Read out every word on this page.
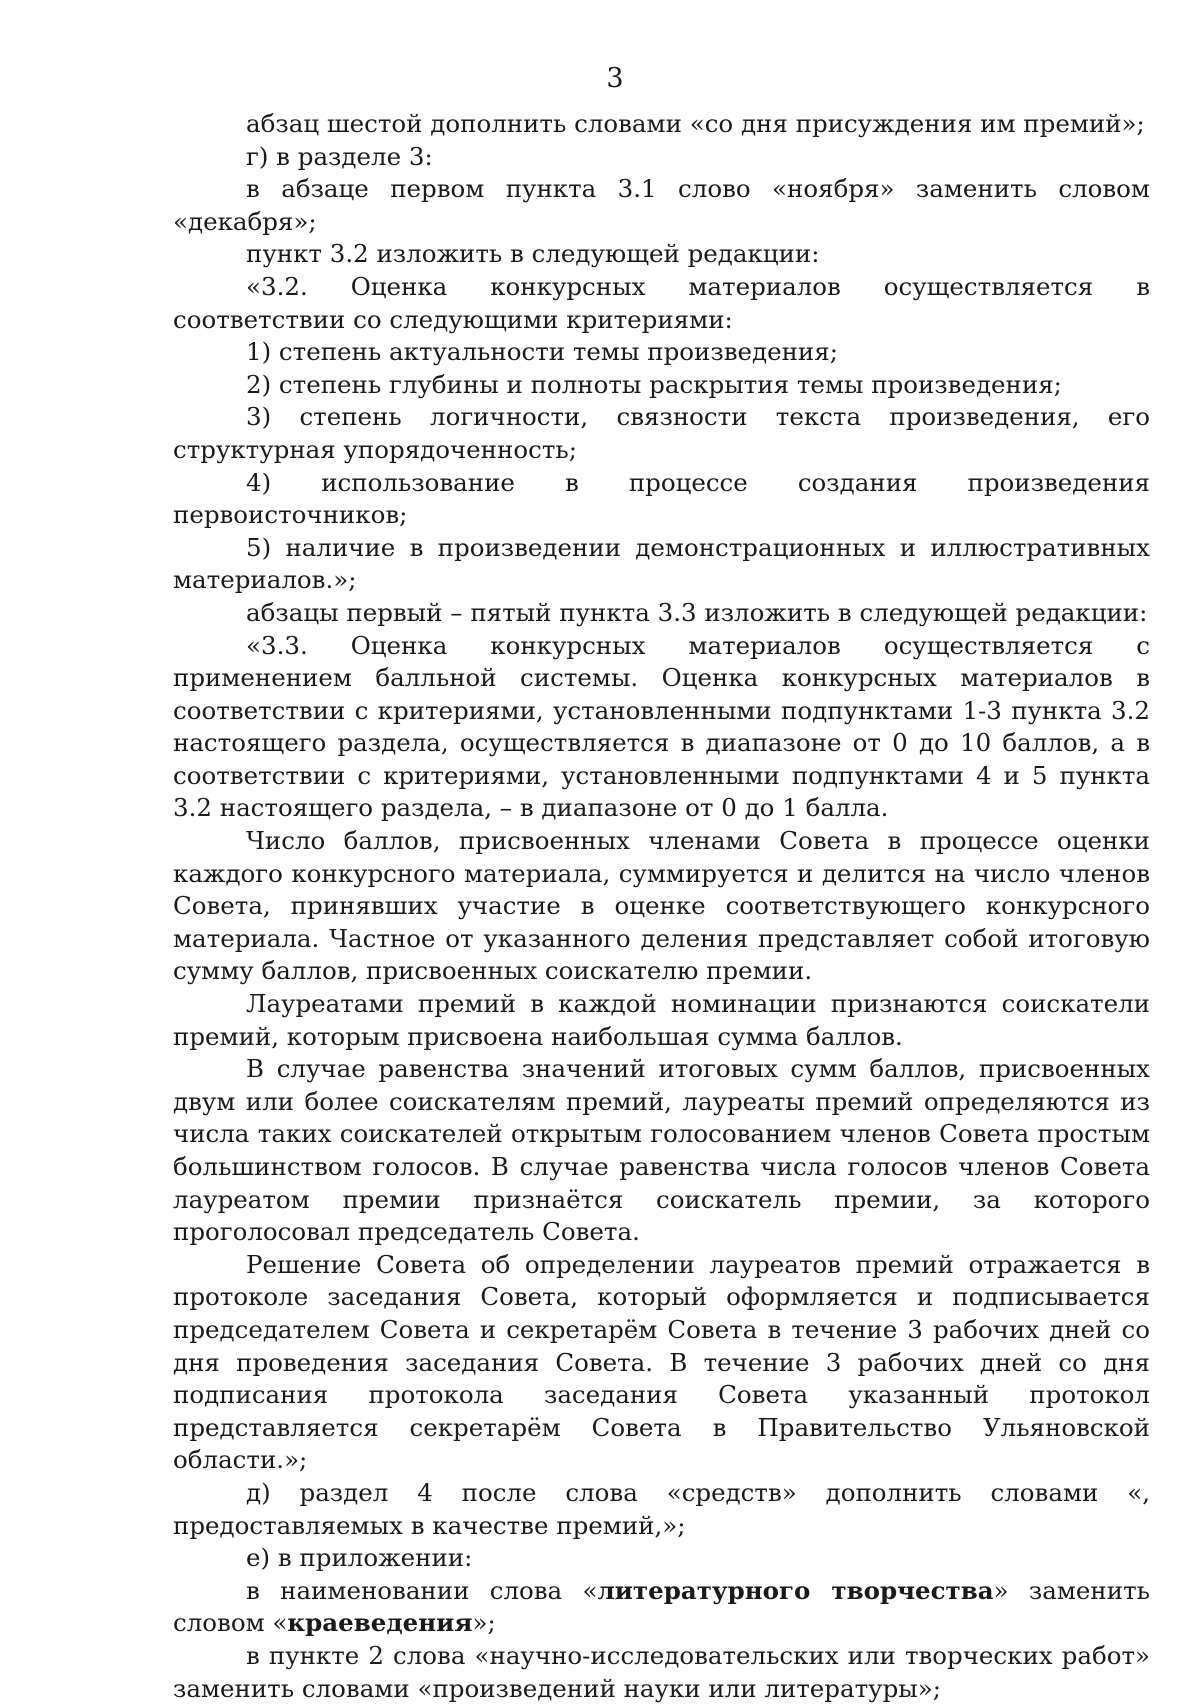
3

абзац шестой дополнить словами «со дня присуждения им премий»;

г) в разделе 3:

в абзаце первом пункта 3.1 слово «ноября» заменить словом «декабря»;

пункт 3.2 изложить в следующей редакции:

«3.2. Оценка конкурсных материалов осуществляется в соответствии со следующими критериями:

1) степень актуальности темы произведения;

2) степень глубины и полноты раскрытия темы произведения;

3) степень логичности, связности текста произведения, его структурная упорядоченность;

4) использование в процессе создания произведения первоисточников;

5) наличие в произведении демонстрационных и иллюстративных материалов.»;

абзацы первый – пятый пункта 3.3 изложить в следующей редакции:

«3.3. Оценка конкурсных материалов осуществляется с применением балльной системы. Оценка конкурсных материалов в соответствии с критериями, установленными подпунктами 1-3 пункта 3.2 настоящего раздела, осуществляется в диапазоне от 0 до 10 баллов, а в соответствии с критериями, установленными подпунктами 4 и 5 пункта 3.2 настоящего раздела, – в диапазоне от 0 до 1 балла.

Число баллов, присвоенных членами Совета в процессе оценки каждого конкурсного материала, суммируется и делится на число членов Совета, принявших участие в оценке соответствующего конкурсного материала. Частное от указанного деления представляет собой итоговую сумму баллов, присвоенных соискателю премии.

Лауреатами премий в каждой номинации признаются соискатели премий, которым присвоена наибольшая сумма баллов.

В случае равенства значений итоговых сумм баллов, присвоенных двум или более соискателям премий, лауреаты премий определяются из числа таких соискателей открытым голосованием членов Совета простым большинством голосов. В случае равенства числа голосов членов Совета лауреатом премии признаётся соискатель премии, за которого проголосовал председатель Совета.

Решение Совета об определении лауреатов премий отражается в протоколе заседания Совета, который оформляется и подписывается председателем Совета и секретарём Совета в течение 3 рабочих дней со дня проведения заседания Совета. В течение 3 рабочих дней со дня подписания протокола заседания Совета указанный протокол представляется секретарём Совета в Правительство Ульяновской области.»;

д) раздел 4 после слова «средств» дополнить словами «, предоставляемых в качестве премий,»;

е) в приложении:

в наименовании слова «литературного творчества» заменить словом «краеведения»;

в пункте 2 слова «научно-исследовательских или творческих работ» заменить словами «произведений науки или литературы»;
